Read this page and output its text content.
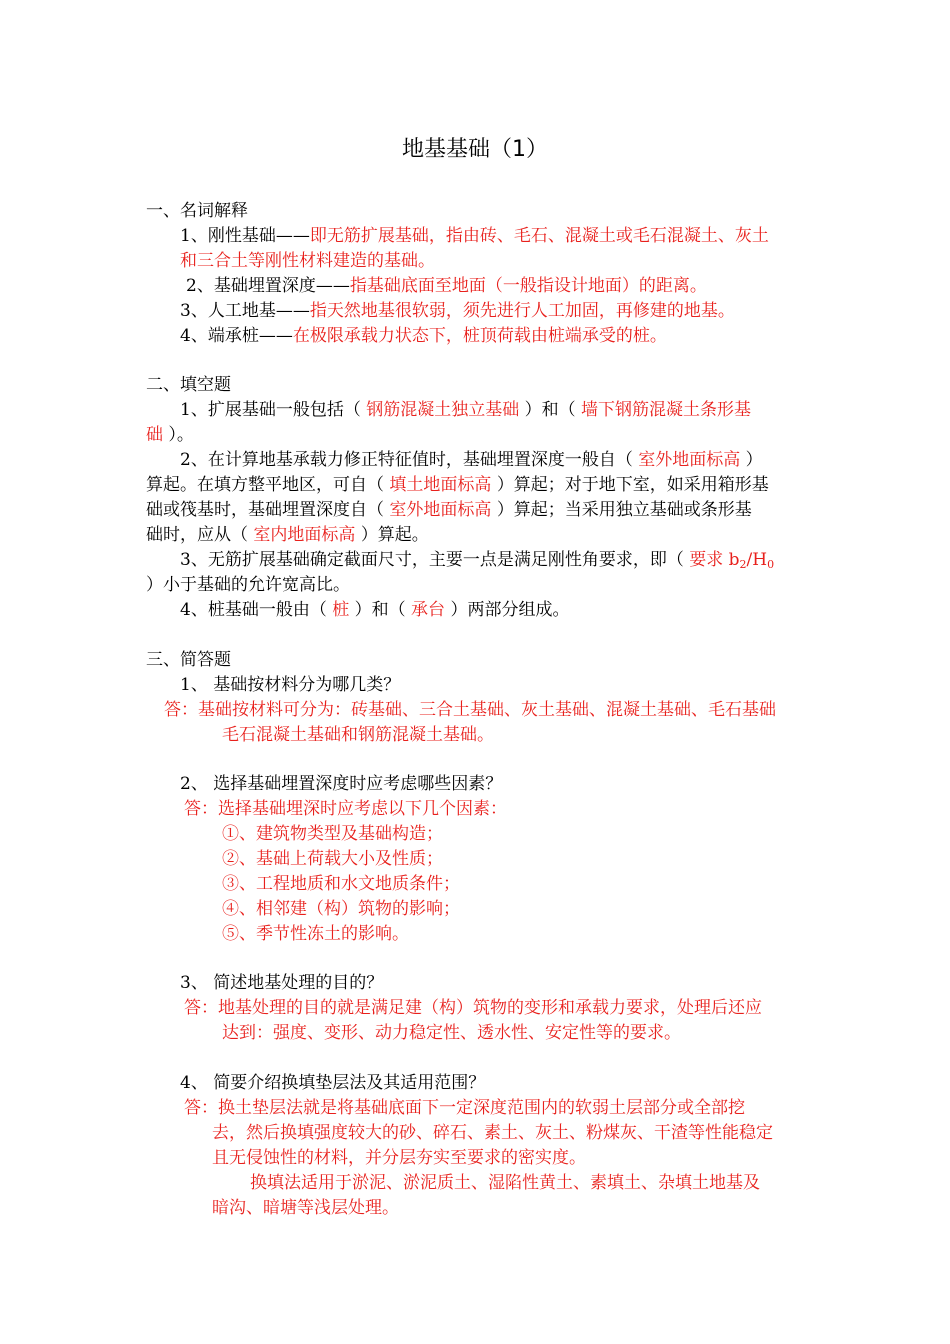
地基基础（1）
一、名词解释
1、刚性基础——即无筋扩展基础，指由砖、毛石、混凝土或毛石混凝土、灰土
和三合土等刚性材料建造的基础。
2、基础埋置深度——指基础底面至地面（一般指设计地面）的距离。
3、人工地基——指天然地基很软弱，须先进行人工加固，再修建的地基。
4、端承桩——在极限承载力状态下，桩顶荷载由桩端承受的桩。
二、填空题
1、扩展基础一般包括（ 钢筋混凝土独立基础 ）和（ 墙下钢筋混凝土条形基
础 ）。
2、在计算地基承载力修正特征值时，基础埋置深度一般自（ 室外地面标高 ）
算起。在填方整平地区，可自（ 填土地面标高 ）算起；对于地下室，如采用箱形基
础或筏基时，基础埋置深度自（ 室外地面标高 ）算起；当采用独立基础或条形基
础时，应从（ 室内地面标高 ）算起。
3、无筋扩展基础确定截面尺寸，主要一点是满足刚性角要求，即（ 要求 $b_2/H_0$
）小于基础的允许宽高比。
4、桩基础一般由（ 桩 ）和（ 承台 ）两部分组成。
三、简答题
1、 基础按材料分为哪几类？
答：基础按材料可分为：砖基础、三合土基础、灰土基础、混凝土基础、毛石基础
毛石混凝土基础和钢筋混凝土基础。
2、 选择基础埋置深度时应考虑哪些因素？
答：选择基础埋深时应考虑以下几个因素：
①、建筑物类型及基础构造；
②、基础上荷载大小及性质；
③、工程地质和水文地质条件；
④、相邻建（构）筑物的影响；
⑤、季节性冻土的影响。
3、 简述地基处理的目的？
答：地基处理的目的就是满足建（构）筑物的变形和承载力要求，处理后还应
达到：强度、变形、动力稳定性、透水性、安定性等的要求。
4、 简要介绍换填垫层法及其适用范围？
答：换土垫层法就是将基础底面下一定深度范围内的软弱土层部分或全部挖
去，然后换填强度较大的砂、碎石、素土、灰土、粉煤灰、干渣等性能稳定
且无侵蚀性的材料，并分层夯实至要求的密实度。
换填法适用于淤泥、淤泥质土、湿陷性黄土、素填土、杂填土地基及
暗沟、暗塘等浅层处理。
